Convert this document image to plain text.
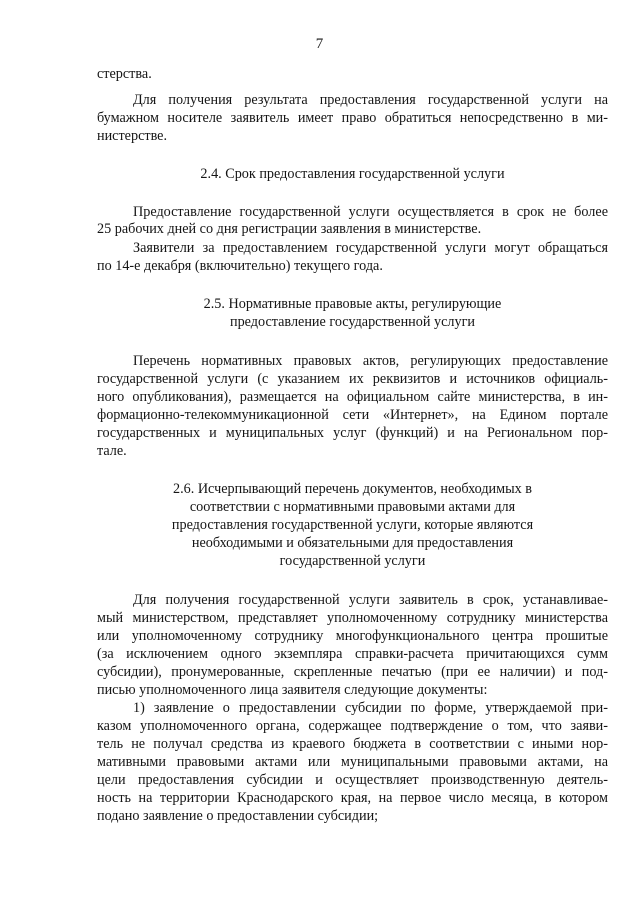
7
стерства.
Для получения результата предоставления государственной услуги на
бумажном носителе заявитель имеет право обратиться непосредственно в ми-
нистерстве.
2.4. Срок предоставления государственной услуги
Предоставление государственной услуги осуществляется в срок не более
25 рабочих дней со дня регистрации заявления в министерстве.
Заявители за предоставлением государственной услуги могут обращаться
по 14-е декабря (включительно) текущего года.
2.5. Нормативные правовые акты, регулирующие
предоставление государственной услуги
Перечень нормативных правовых актов, регулирующих предоставление
государственной услуги (с указанием их реквизитов и источников официаль-
ного опубликования), размещается на официальном сайте министерства, в ин-
формационно-телекоммуникационной сети «Интернет», на Едином портале
государственных и муниципальных услуг (функций) и на Региональном пор-
тале.
2.6. Исчерпывающий перечень документов, необходимых в
соответствии с нормативными правовыми актами для
предоставления государственной услуги, которые являются
необходимыми и обязательными для предоставления
государственной услуги
Для получения государственной услуги заявитель в срок, устанавливае-
мый министерством, представляет уполномоченному сотруднику министерства
или уполномоченному сотруднику многофункционального центра прошитые
(за исключением одного экземпляра справки-расчета причитающихся сумм
субсидии), пронумерованные, скрепленные печатью (при ее наличии) и под-
писью уполномоченного лица заявителя следующие документы:
1) заявление о предоставлении субсидии по форме, утверждаемой при-
казом уполномоченного органа, содержащее подтверждение о том, что заяви-
тель не получал средства из краевого бюджета в соответствии с иными нор-
мативными правовыми актами или муниципальными правовыми актами, на
цели предоставления субсидии и осуществляет производственную деятель-
ность на территории Краснодарского края, на первое число месяца, в котором
подано заявление о предоставлении субсидии;
